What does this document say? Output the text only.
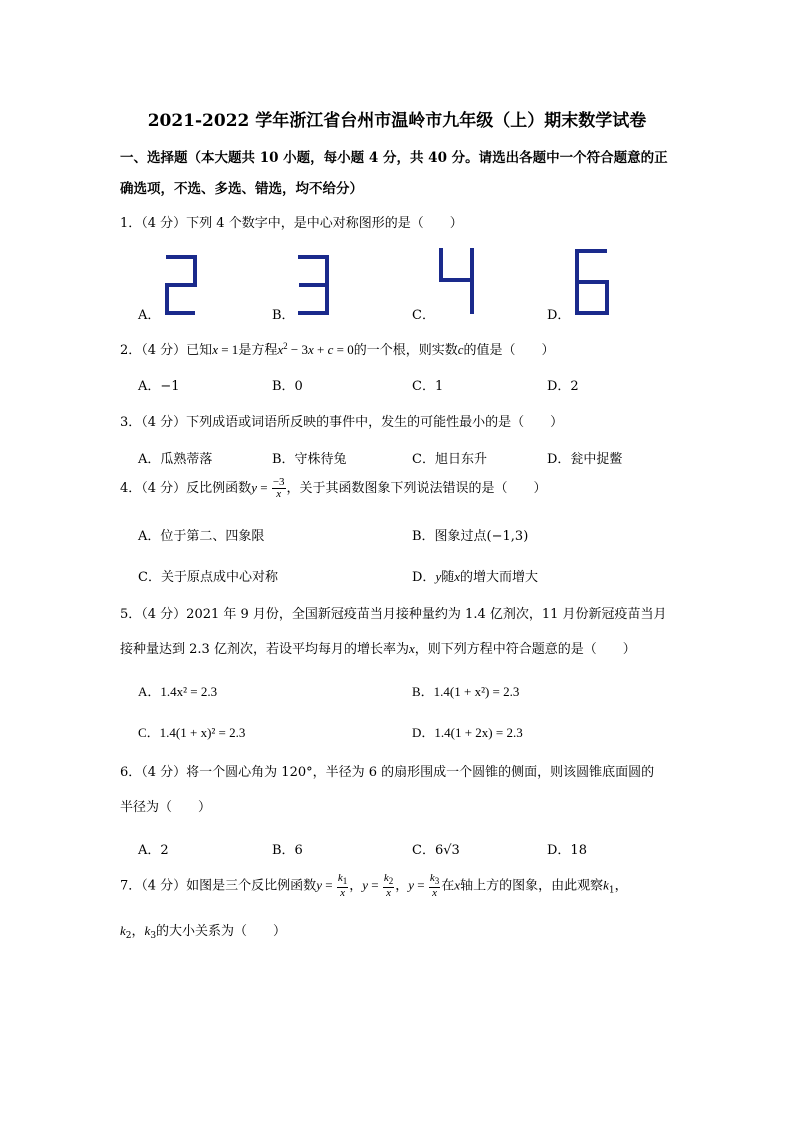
2021-2022 学年浙江省台州市温岭市九年级（上）期末数学试卷
一、选择题（本大题共 10 小题，每小题 4 分，共 40 分。请选出各题中一个符合题意的正
确选项，不选、多选、错选，均不给分）
1．（4 分）下列 4 个数字中，是中心对称图形的是（　　）
A．	B．	C．	D．
2．（4 分）已知x = 1是方程$x^2 - 3x + c = 0$的一个根，则实数c的值是（　　）
A．−1	B．0	C．1	D．2
3．（4 分）下列成语或词语所反映的事件中，发生的可能性最小的是（　　）
A．瓜熟蒂落	B．守株待兔	C．旭日东升	D．瓮中捉鳖
4．（4 分）反比例函数$y = \frac{-3}{x}$ ，关于其函数图象下列说法错误的是（　　）
A．位于第二、四象限	B．图象过点(−1,3)
C．关于原点成中心对称	D．y随x的增大而增大
5．（4 分）2021 年 9 月份，全国新冠疫苗当月接种量约为 1.4 亿剂次，11 月份新冠疫苗当月
接种量达到 2.3 亿剂次，若设平均每月的增长率为x，则下列方程中符合题意的是（　　）
A．1.4x² = 2.3	B．1.4(1 + x²) = 2.3
C．1.4(1 + x)² = 2.3	D．1.4(1 + 2x) = 2.3
6．（4 分）将一个圆心角为 120°，半径为 6 的扇形围成一个圆锥的侧面，则该圆锥底面圆的
半径为（　　）
A．2	B．6	C．6√3	D．18
7．（4 分）如图是三个反比例函数$y = \frac{k_1}{x}$ ，$y = \frac{k_2}{x}$ ，$y = \frac{k_3}{x}$ 在x轴上方的图象，由此观察$k_1$，
$k_2$，$k_3$的大小关系为（　　）
